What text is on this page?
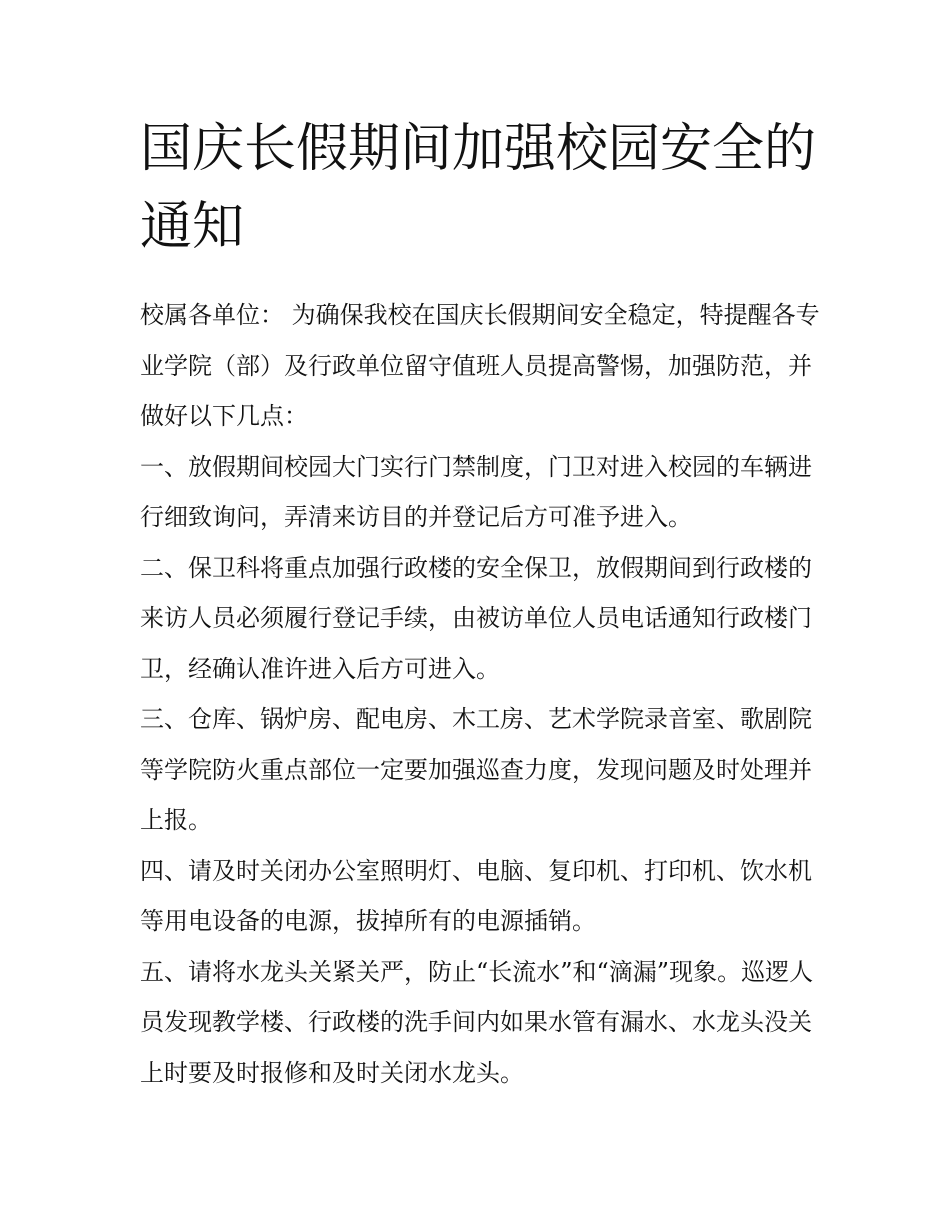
国庆长假期间加强校园安全的通知

校属各单位： 为确保我校在国庆长假期间安全稳定，特提醒各专业学院（部）及行政单位留守值班人员提高警惕，加强防范，并做好以下几点：

一、放假期间校园大门实行门禁制度，门卫对进入校园的车辆进行细致询问，弄清来访目的并登记后方可准予进入。

二、保卫科将重点加强行政楼的安全保卫，放假期间到行政楼的来访人员必须履行登记手续，由被访单位人员电话通知行政楼门卫，经确认准许进入后方可进入。

三、仓库、锅炉房、配电房、木工房、艺术学院录音室、歌剧院等学院防火重点部位一定要加强巡查力度，发现问题及时处理并上报。

四、请及时关闭办公室照明灯、电脑、复印机、打印机、饮水机等用电设备的电源，拔掉所有的电源插销。

五、请将水龙头关紧关严，防止“长流水”和“滴漏”现象。巡逻人员发现教学楼、行政楼的洗手间内如果水管有漏水、水龙头没关上时要及时报修和及时关闭水龙头。
